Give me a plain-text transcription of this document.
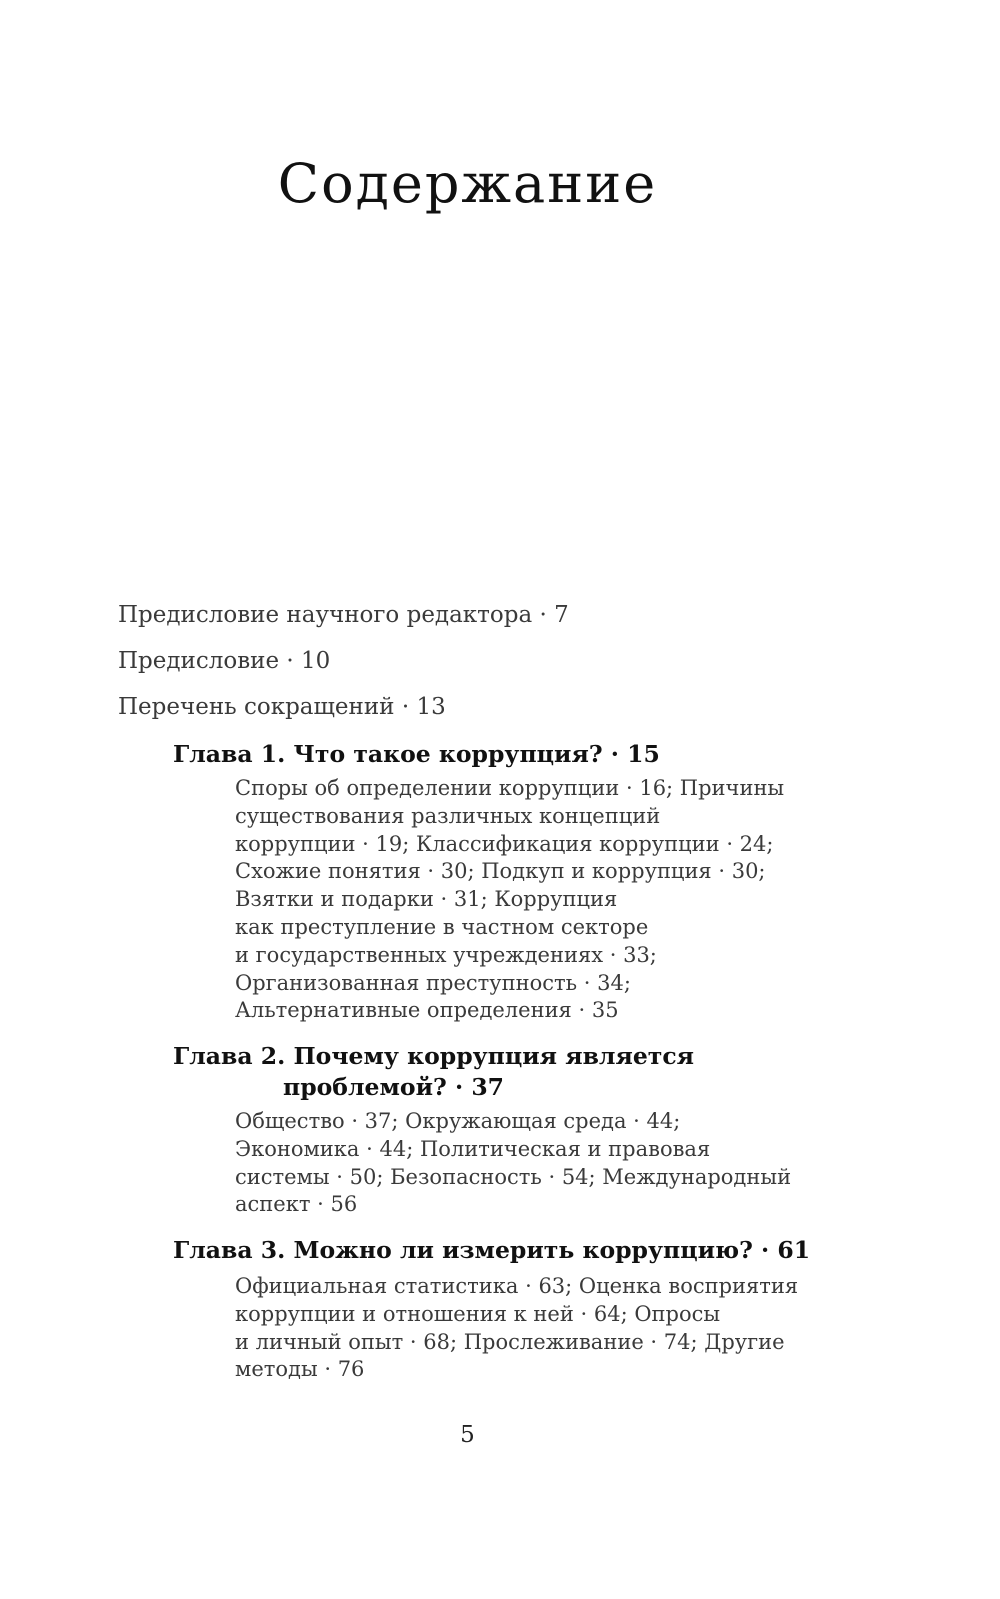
Содержание
Предисловие научного редактора · 7
Предисловие · 10
Перечень сокращений · 13
Глава 1. Что такое коррупция? · 15
Споры об определении коррупции · 16; Причины
существования различных концепций
коррупции · 19; Классификация коррупции · 24;
Схожие понятия · 30; Подкуп и коррупция · 30;
Взятки и подарки · 31; Коррупция
как преступление в частном секторе
и государственных учреждениях · 33;
Организованная преступность · 34;
Альтернативные определения · 35
Глава 2. Почему коррупция является
проблемой? · 37
Общество · 37; Окружающая среда · 44;
Экономика · 44; Политическая и правовая
системы · 50; Безопасность · 54; Международный
аспект · 56
Глава 3. Можно ли измерить коррупцию? · 61
Официальная статистика · 63; Оценка восприятия
коррупции и отношения к ней · 64; Опросы
и личный опыт · 68; Прослеживание · 74; Другие
методы · 76
5
